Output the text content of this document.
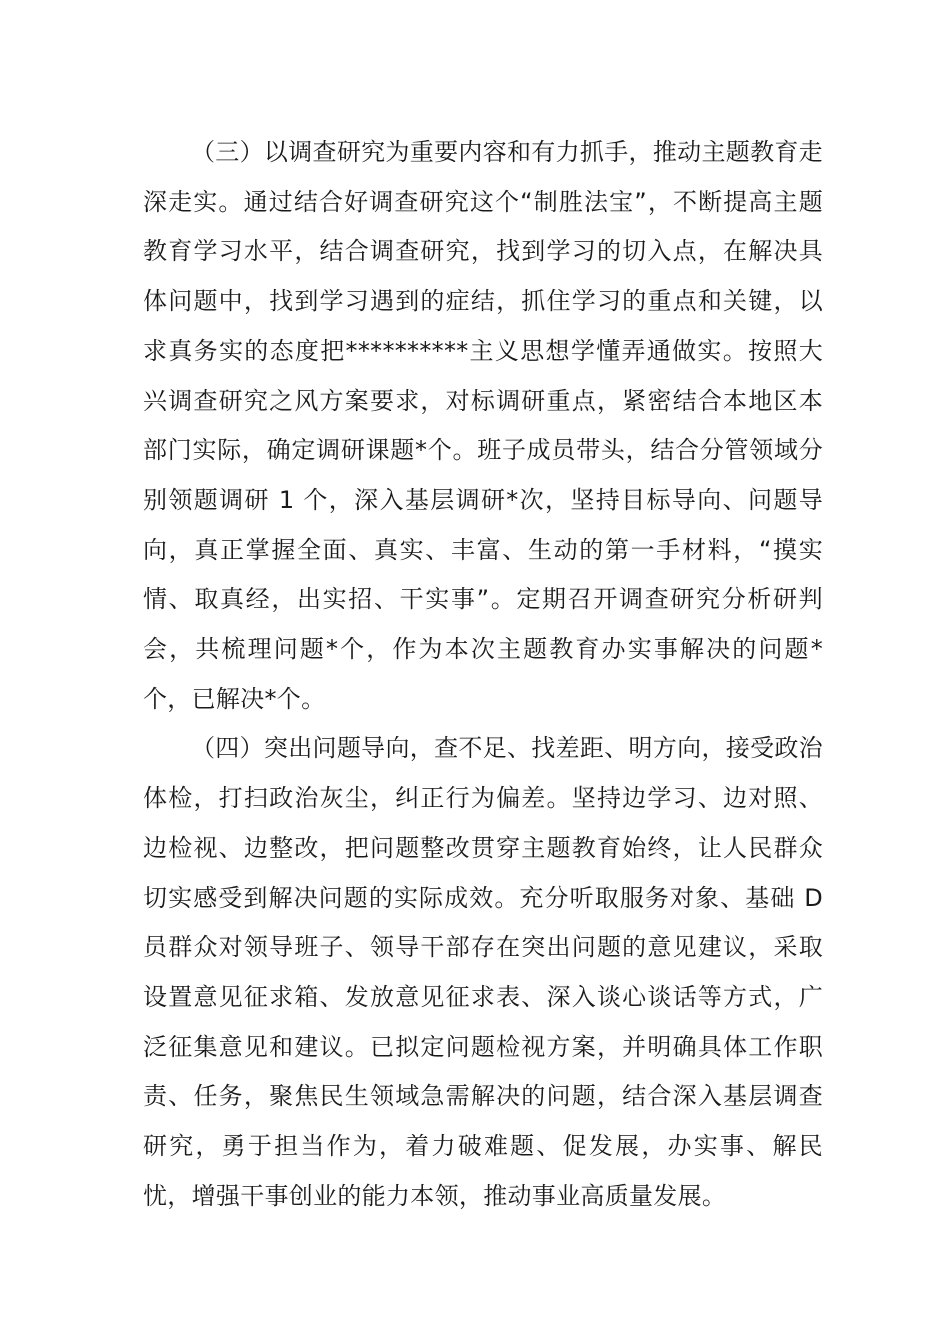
（三）以调查研究为重要内容和有力抓手，推动主题教育走深走实。通过结合好调查研究这个“制胜法宝”，不断提高主题教育学习水平，结合调查研究，找到学习的切入点，在解决具体问题中，找到学习遇到的症结，抓住学习的重点和关键，以求真务实的态度把**********主义思想学懂弄通做实。按照大兴调查研究之风方案要求，对标调研重点，紧密结合本地区本部门实际，确定调研课题*个。班子成员带头，结合分管领域分别领题调研 1 个，深入基层调研*次，坚持目标导向、问题导向，真正掌握全面、真实、丰富、生动的第一手材料，“摸实情、取真经，出实招、干实事”。定期召开调查研究分析研判会，共梳理问题*个，作为本次主题教育办实事解决的问题*个，已解决*个。

（四）突出问题导向，查不足、找差距、明方向，接受政治体检，打扫政治灰尘，纠正行为偏差。坚持边学习、边对照、边检视、边整改，把问题整改贯穿主题教育始终，让人民群众切实感受到解决问题的实际成效。充分听取服务对象、基础 D 员群众对领导班子、领导干部存在突出问题的意见建议，采取设置意见征求箱、发放意见征求表、深入谈心谈话等方式，广泛征集意见和建议。已拟定问题检视方案，并明确具体工作职责、任务，聚焦民生领域急需解决的问题，结合深入基层调查研究，勇于担当作为，着力破难题、促发展，办实事、解民忧，增强干事创业的能力本领，推动事业高质量发展。
